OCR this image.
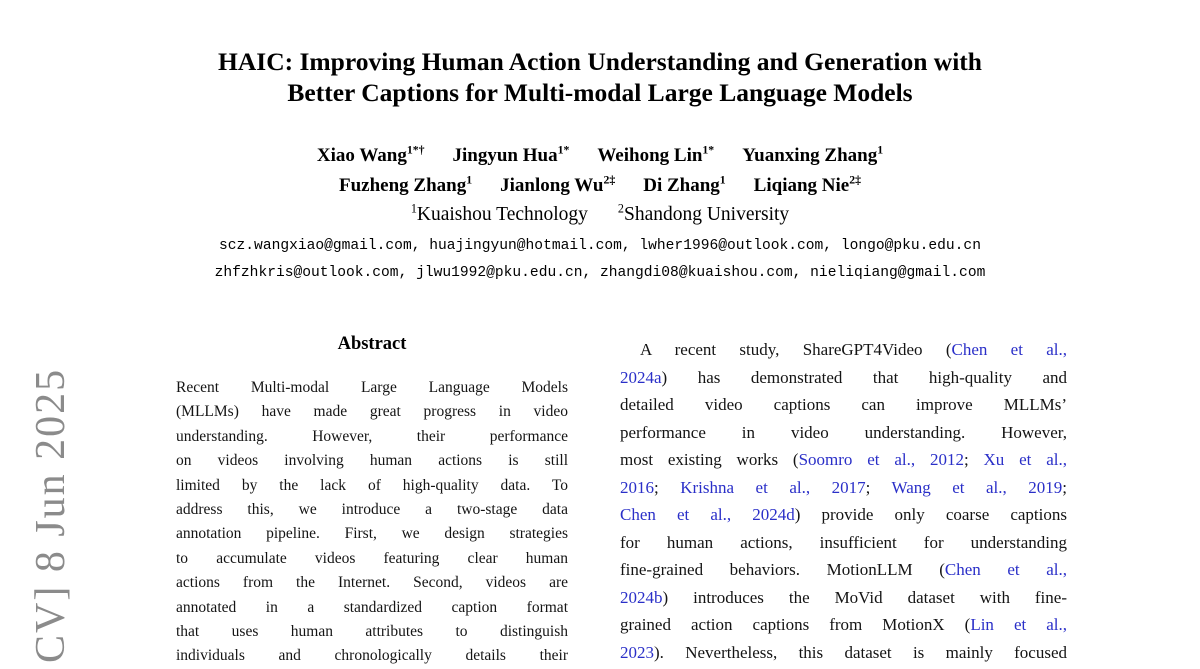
CV] 8 Jun 2025
HAIC: Improving Human Action Understanding and Generation with
Better Captions for Multi-modal Large Language Models
Xiao Wang$^{1*\dagger}$ Jingyun Hua$^{1*}$ Weihong Lin$^{1*}$ Yuanxing Zhang$^1$
Fuzheng Zhang$^1$ Jianlong $Wu^{2\ddagger}$ Di Zhang$^1$ Liqiang Nie$^{2\ddagger}$
$^1$Kuaishou Technology $^2$Shandong University
scz.wangxiao@gmail.com, huajingyun@hotmail.com, lwher1996@outlook.com, longo@pku.edu.cn
zhfzhkris@outlook.com, jlwu1992@pku.edu.cn, zhangdi08@kuaishou.com, nieliqiang@gmail.com
Abstract
Recent Multi-modal Large Language Models
(MLLMs) have made great progress in video
understanding. However, their performance
on videos involving human actions is still
limited by the lack of high-quality data. To
address this, we introduce a two-stage data
annotation pipeline. First, we design strategies
to accumulate videos featuring clear human
actions from the Internet. Second, videos are
annotated in a standardized caption format
that uses human attributes to distinguish
individuals and chronologically details their
A recent study, ShareGPT4Video (Chen et al.,
2024a) has demonstrated that high-quality and
detailed video captions can improve MLLMs’
performance in video understanding. However,
most existing works (Soomro et al., 2012; Xu et al.,
2016; Krishna et al., 2017; Wang et al., 2019;
Chen et al., 2024d) provide only coarse captions
for human actions, insufficient for understanding
fine-grained behaviors. MotionLLM (Chen et al.,
2024b) introduces the MoVid dataset with fine-
grained action captions from MotionX (Lin et al.,
2023). Nevertheless, this dataset is mainly focused
